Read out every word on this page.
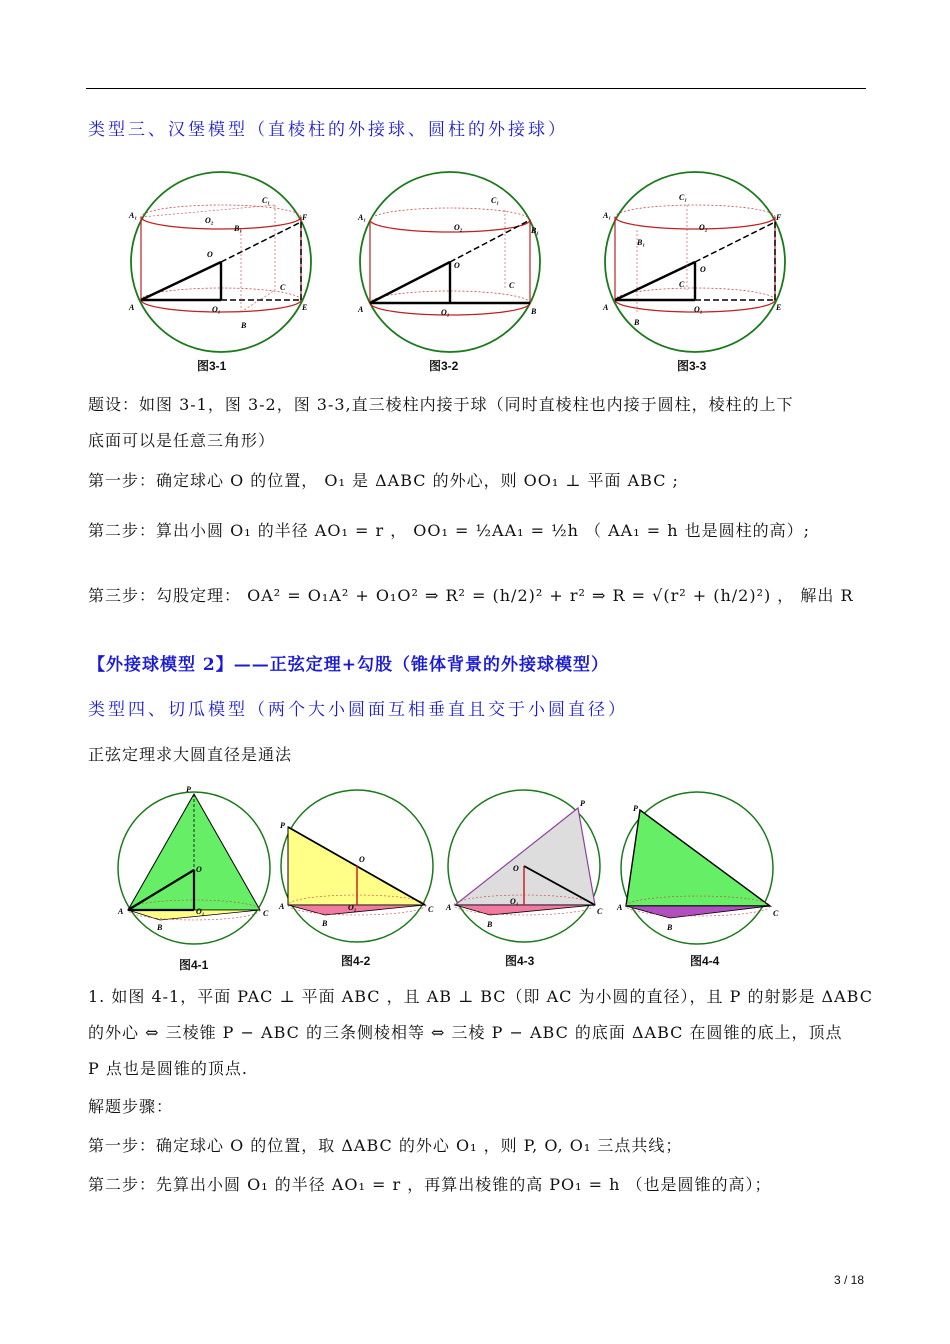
类型三、汉堡模型（直棱柱的外接球、圆柱的外接球）
A₁
A
B
B₁
C
C₁
O
O₁
O₂
E
F	A₁
A	B
B₁
C
C₁
O
O₁
O₂
A₁
A
B
B₁
C
C₁
O
O₁
O₂
E
F
图3-1	图3-2	图3-3
题设：如图 3-1，图 3-2，图 3-3,直三棱柱内接于球（同时直棱柱也内接于圆柱，棱柱的上下
底面可以是任意三角形）
第一步：确定球心 O 的位置， O₁ 是 ΔABC 的外心，则 OO₁ ⊥ 平面 ABC ;
第二步：算出小圆 O₁ 的半径 AO₁ = r ， OO₁ = ½AA₁ = ½h （ AA₁ = h 也是圆柱的高）;
第三步：勾股定理： OA² = O₁A² + O₁O² ⇒ R² = (h/2)² + r² ⇒ R = √(r² + (h/2)²) ， 解出 R
【外接球模型 2】——正弦定理+勾股（锥体背景的外接球模型）
类型四、切瓜模型（两个大小圆面互相垂直且交于小圆直径）
正弦定理求大圆直径是通法
P
O
O₁
A	C
B
P
O
O₁
A	C
B
P
O
O₁
A	C
B
P
A
C
B
图4-1	图4-2	图4-3	图4-4
1. 如图 4-1，平面 PAC ⊥ 平面 ABC ，且 AB ⊥ BC（即 AC 为小圆的直径），且 P 的射影是 ΔABC
的外心 ⇔ 三棱锥 P − ABC 的三条侧棱相等 ⇔ 三棱 P − ABC 的底面 ΔABC 在圆锥的底上，顶点
P 点也是圆锥的顶点.
解题步骤：
第一步：确定球心 O 的位置，取 ΔABC 的外心 O₁ ，则 P, O, O₁ 三点共线；
第二步：先算出小圆 O₁ 的半径 AO₁ = r ，再算出棱锥的高 PO₁ = h （也是圆锥的高）；
3 / 18
